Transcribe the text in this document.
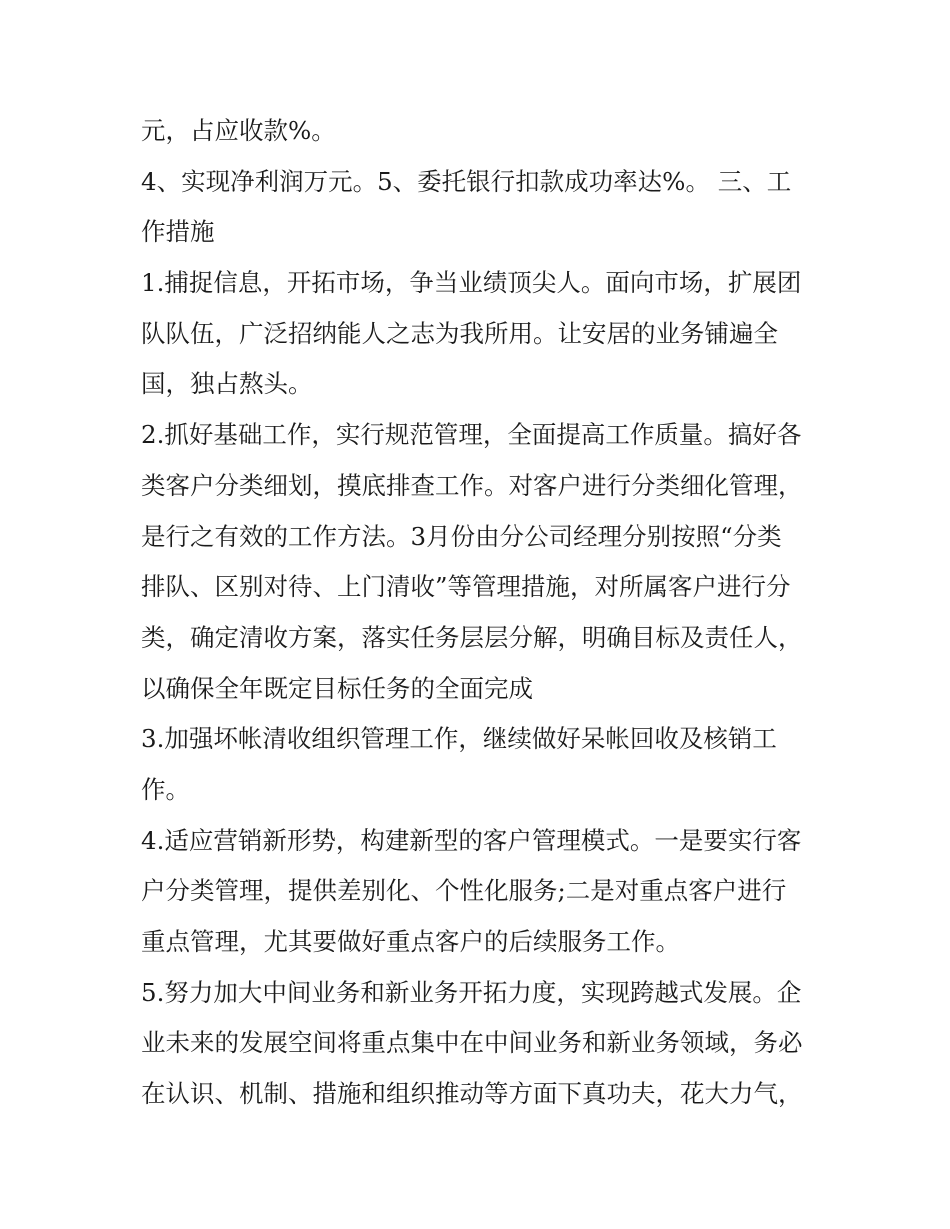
元，占应收款%。
4、实现净利润万元。5、委托银行扣款成功率达%。 三、工
作措施
1.捕捉信息，开拓市场，争当业绩顶尖人。面向市场，扩展团
队队伍，广泛招纳能人之志为我所用。让安居的业务铺遍全
国，独占熬头。
2.抓好基础工作，实行规范管理，全面提高工作质量。搞好各
类客户分类细划，摸底排查工作。对客户进行分类细化管理，
是行之有效的工作方法。3月份由分公司经理分别按照“分类
排队、区别对待、上门清收”等管理措施，对所属客户进行分
类，确定清收方案，落实任务层层分解，明确目标及责任人，
以确保全年既定目标任务的全面完成
3.加强坏帐清收组织管理工作，继续做好呆帐回收及核销工
作。
4.适应营销新形势，构建新型的客户管理模式。一是要实行客
户分类管理，提供差别化、个性化服务;二是对重点客户进行
重点管理，尤其要做好重点客户的后续服务工作。
5.努力加大中间业务和新业务开拓力度，实现跨越式发展。企
业未来的发展空间将重点集中在中间业务和新业务领域，务必
在认识、机制、措施和组织推动等方面下真功夫，花大力气，
